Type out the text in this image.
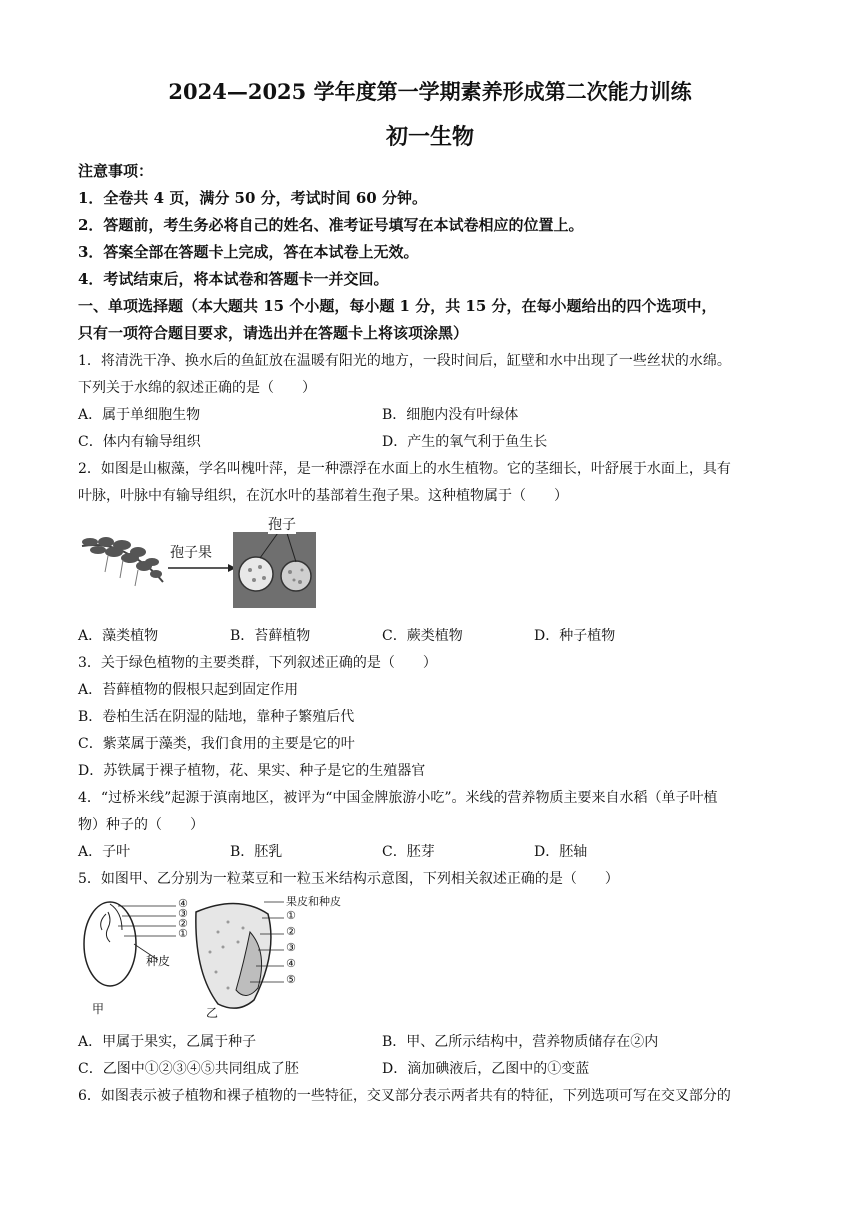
2024—2025 学年度第一学期素养形成第二次能力训练
初一生物
注意事项：
1．全卷共 4 页，满分 50 分，考试时间 60 分钟。
2．答题前，考生务必将自己的姓名、准考证号填写在本试卷相应的位置上。
3．答案全部在答题卡上完成，答在本试卷上无效。
4．考试结束后，将本试卷和答题卡一并交回。
一、单项选择题（本大题共 15 个小题，每小题 1 分，共 15 分，在每小题给出的四个选项中，
只有一项符合题目要求，请选出并在答题卡上将该项涂黑）
1．将清洗干净、换水后的鱼缸放在温暖有阳光的地方，一段时间后，缸壁和水中出现了一些丝状的水绵。
下列关于水绵的叙述正确的是（　　）
A．属于单细胞生物	B．细胞内没有叶绿体
C．体内有输导组织	D．产生的氧气利于鱼生长
2．如图是山椒藻，学名叫槐叶萍，是一种漂浮在水面上的水生植物。它的茎细长，叶舒展于水面上，具有
叶脉，叶脉中有输导组织，在沉水叶的基部着生孢子果。这种植物属于（　　）
孢子果
孢子
A．藻类植物	B．苔藓植物	C．蕨类植物	D．种子植物
3．关于绿色植物的主要类群，下列叙述正确的是（　　）
A．苔藓植物的假根只起到固定作用
B．卷柏生活在阴湿的陆地，靠种子繁殖后代
C．紫菜属于藻类，我们食用的主要是它的叶
D．苏铁属于裸子植物，花、果实、种子是它的生殖器官
4．“过桥米线”起源于滇南地区，被评为“中国金牌旅游小吃”。米线的营养物质主要来自水稻（单子叶植
物）种子的（　　）
A．子叶	B．胚乳	C．胚芽	D．胚轴
5．如图甲、乙分别为一粒菜豆和一粒玉米结构示意图，下列相关叙述正确的是（　　）
④
③
②
①
种皮
甲
果皮和种皮
①
②
③
④
⑤
乙
A．甲属于果实，乙属于种子	B．甲、乙所示结构中，营养物质储存在②内
C．乙图中①②③④⑤共同组成了胚	D．滴加碘液后，乙图中的①变蓝
6．如图表示被子植物和裸子植物的一些特征，交叉部分表示两者共有的特征，下列选项可写在交叉部分的
